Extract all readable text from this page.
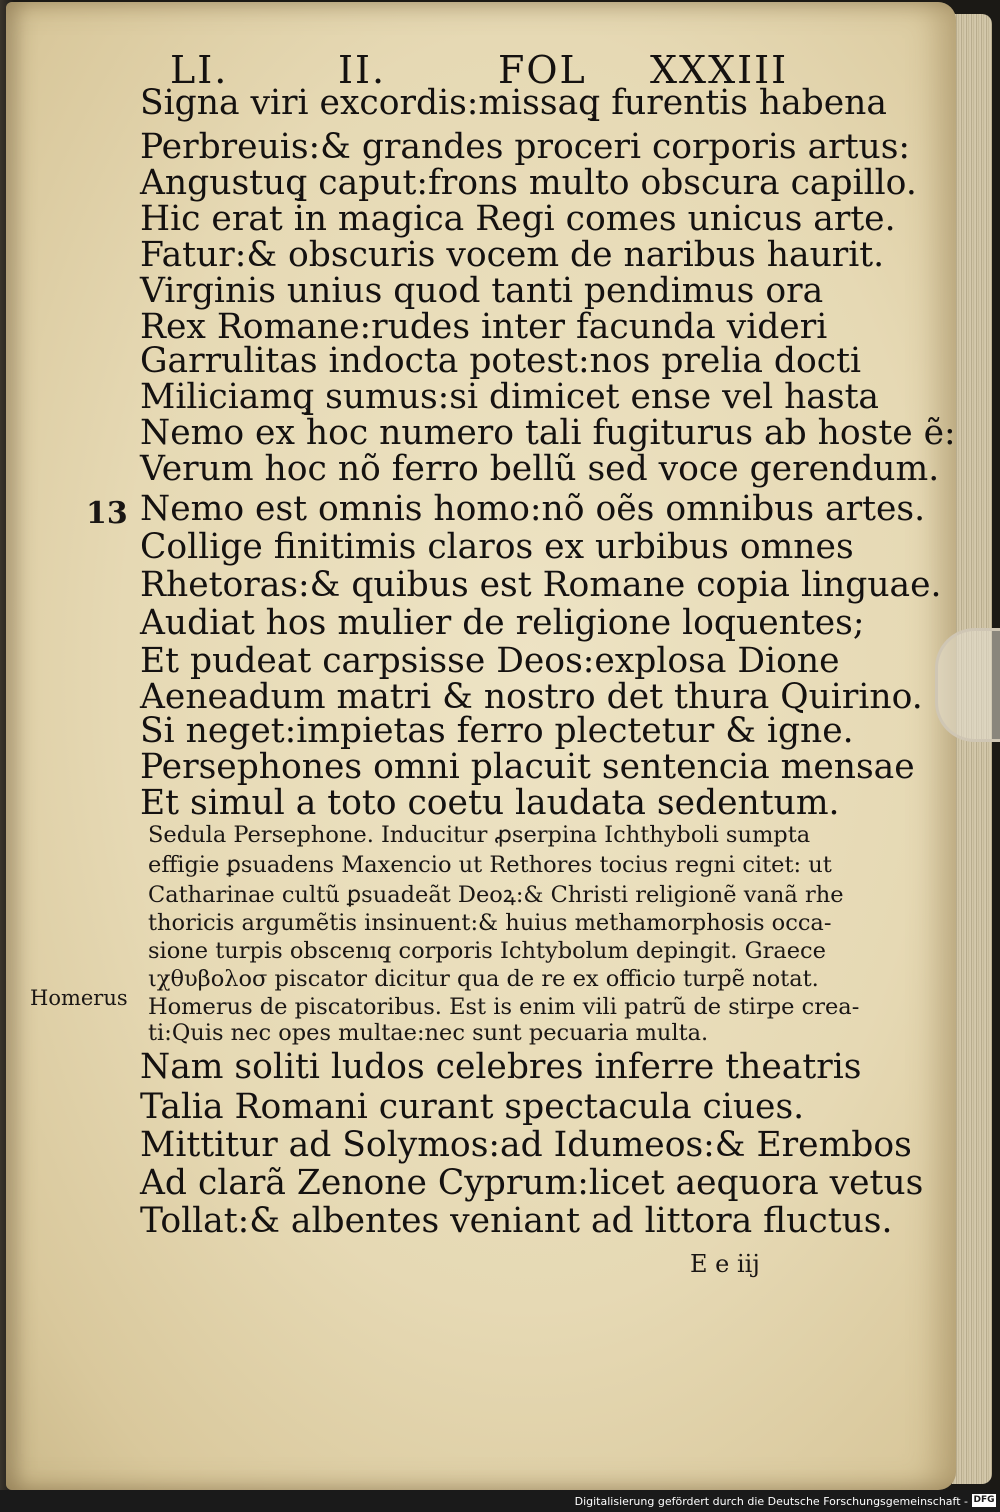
LI.	II.	FOL XXXIII
Signa viri excordis:missaq̧ furentis habena
Perbreuis:& grandes proceri corporis artus:
Angustuq̧ caput:frons multo obscura capillo.
Hic erat in magica Regi comes unicus arte.
Fatur:& obscuris vocem de naribus haurit.
Virginis unius quod tanti pendimus ora
Rex Romane:rudes inter facunda videri
Garrulitas indocta potest:nos prelia docti
Miliciamq̧ sumus:si dimicet ense vel hasta
Nemo ex hoc numero tali fugiturus ab hoste ẽ:
Verum hoc nõ ferro bellũ sed voce gerendum.
Nemo est omnis homo:nõ oẽs omnibus artes.
Collige finitimis claros ex urbibus omnes
Rhetoras:& quibus est Romane copia linguae.
Audiat hos mulier de religione loquentes;
Et pudeat carpsisse Deos:explosa Dione
Aeneadum matri & nostro det thura Quirino.
Si neget:impietas ferro plectetur & igne.
Persephones omni placuit sentencia mensae
Et simul a toto coetu laudata sedentum.
13
Sedula Persephone. Inducitur ꝓserpina Ichthyboli sumpta
effigie ꝑsuadens Maxencio ut Rethores tocius regni citet: ut
Catharinae cultũ ꝑsuadeãt Deoꝝ:& Christi religionẽ vanã rhe
thoricis argumẽtis insinuent:& huius methamorphosis occa-
sione turpis obscenıq̧ corporis Ichtybolum depingit. Graece
ιχθυβολοσ piscator dicitur qua de re ex officio turpẽ notat.
Homerus de piscatoribus. Est is enim vili patrũ de stirpe crea-
ti:Quis nec opes multae:nec sunt pecuaria multa.
Homerus
Nam soliti ludos celebres inferre theatris
Talia Romani curant spectacula ciues.
Mittitur ad Solymos:ad Idumeos:& Erembos
Ad clarã Zenone Cyprum:licet aequora vetus
Tollat:& albentes veniant ad littora fluctus.
E e iij
Digitalisierung gefördert durch die Deutsche Forschungsgemeinschaft - DFG
